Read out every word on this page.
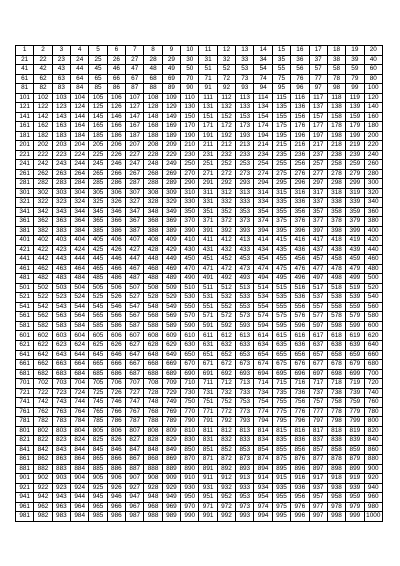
1	2	3	4	5	6	7	8	9	10	11	12	13	14	15	16	17	18	19	20
21	22	23	24	25	26	27	28	29	30	31	32	33	34	35	36	37	38	39	40
41	42	43	44	45	46	47	48	49	50	51	52	53	54	55	56	57	58	59	60
61	62	63	64	65	66	67	68	69	70	71	72	73	74	75	76	77	78	79	80
81	82	83	84	85	86	87	88	89	90	91	92	93	94	95	96	97	98	99	100
101	102	103	104	105	106	107	108	109	110	111	112	113	114	115	116	117	118	119	120
121	122	123	124	125	126	127	128	129	130	131	132	133	134	135	136	137	138	139	140
141	142	143	144	145	146	147	148	149	150	151	152	153	154	155	156	157	158	159	160
161	162	163	164	165	166	167	168	169	170	171	172	173	174	175	176	177	178	179	180
181	182	183	184	185	186	187	188	189	190	191	192	193	194	195	196	197	198	199	200
201	202	203	204	205	206	207	208	209	210	211	212	213	214	215	216	217	218	219	220
221	222	223	224	225	226	227	228	229	230	231	232	233	234	235	236	237	238	239	240
241	242	243	244	245	246	247	248	249	250	251	252	253	254	255	256	257	258	259	260
261	262	263	264	265	266	267	268	269	270	271	272	273	274	275	276	277	278	279	280
281	282	283	284	285	286	287	288	289	290	291	292	293	294	295	296	297	298	299	300
301	302	303	304	305	306	307	308	309	310	311	312	313	314	315	316	317	318	319	320
321	322	323	324	325	326	327	328	329	330	331	332	333	334	335	336	337	338	339	340
341	342	343	344	345	346	347	348	349	350	351	352	353	354	355	356	357	358	359	360
361	362	363	364	365	366	367	368	369	370	371	372	373	374	375	376	377	378	379	380
381	382	383	384	385	386	387	388	389	390	391	392	393	394	395	396	397	398	399	400
401	402	403	404	405	406	407	408	409	410	411	412	413	414	415	416	417	418	419	420
421	422	423	424	425	426	427	428	429	430	431	432	433	434	435	436	437	438	439	440
441	442	443	444	445	446	447	448	449	450	451	452	453	454	455	456	457	458	459	460
461	462	463	464	465	466	467	468	469	470	471	472	473	474	475	476	477	478	479	480
481	482	483	484	485	486	487	488	489	490	491	492	493	494	495	496	497	498	499	500
501	502	503	504	505	506	507	508	509	510	511	512	513	514	515	516	517	518	519	520
521	522	523	524	525	526	527	528	529	530	531	532	533	534	535	536	537	538	539	540
541	542	543	544	545	546	547	548	549	550	551	552	553	554	555	556	557	558	559	560
561	562	563	564	565	566	567	568	569	570	571	572	573	574	575	576	577	578	579	580
581	582	583	584	585	586	587	588	589	590	591	592	593	594	595	596	597	598	599	600
601	602	603	604	605	606	607	608	609	610	611	612	613	614	615	616	617	618	619	620
621	622	623	624	625	626	627	628	629	630	631	632	633	634	635	636	637	638	639	640
641	642	643	644	645	646	647	648	649	650	651	652	653	654	655	656	657	658	659	660
661	662	663	664	665	666	667	668	669	670	671	672	673	674	675	676	677	678	679	680
681	682	683	684	685	686	687	688	689	690	691	692	693	694	695	696	697	698	699	700
701	702	703	704	705	706	707	708	709	710	711	712	713	714	715	716	717	718	719	720
721	722	723	724	725	726	727	728	729	730	731	732	733	734	735	736	737	738	739	740
741	742	743	744	745	746	747	748	749	750	751	752	753	754	755	756	757	758	759	760
761	762	763	764	765	766	767	768	769	770	771	772	773	774	775	776	777	778	779	780
781	782	783	784	785	786	787	788	789	790	791	792	793	794	795	796	797	798	799	800
801	802	803	804	805	806	807	808	809	810	811	812	813	814	815	816	817	818	819	820
821	822	823	824	825	826	827	828	829	830	831	832	833	834	835	836	837	838	839	840
841	842	843	844	845	846	847	848	849	850	851	852	853	854	855	856	857	858	859	860
861	862	863	864	865	866	867	868	869	870	871	872	873	874	875	876	877	878	879	880
881	882	883	884	885	886	887	888	889	890	891	892	893	894	895	896	897	898	899	900
901	902	903	904	905	906	907	908	909	910	911	912	913	914	915	916	917	918	919	920
921	922	923	924	925	926	927	928	929	930	931	932	933	934	935	936	937	938	939	940
941	942	943	944	945	946	947	948	949	950	951	952	953	954	955	956	957	958	959	960
961	962	963	964	965	966	967	968	969	970	971	972	973	974	975	976	977	978	979	980
981	982	983	984	985	986	987	988	989	990	991	992	993	994	995	996	997	998	999	1000
